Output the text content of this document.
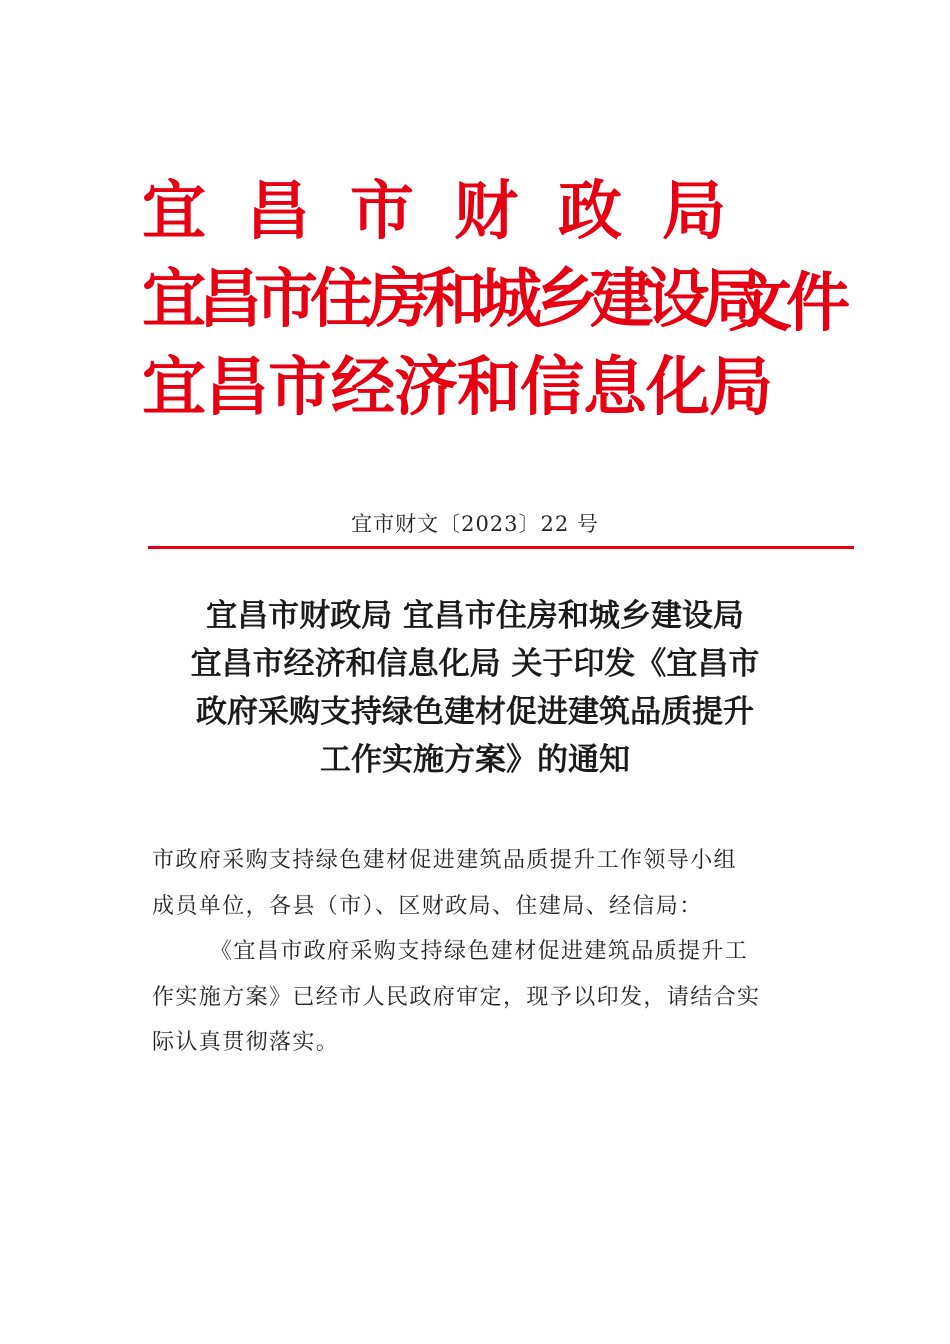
宜昌市财政局
宜昌市住房和城乡建设局
宜昌市经济和信息化局
文件
宜市财文〔2023〕22 号
宜昌市财政局 宜昌市住房和城乡建设局
宜昌市经济和信息化局 关于印发《宜昌市
政府采购支持绿色建材促进建筑品质提升
工作实施方案》的通知
市政府采购支持绿色建材促进建筑品质提升工作领导小组
成员单位，各县（市）、区财政局、住建局、经信局：
《宜昌市政府采购支持绿色建材促进建筑品质提升工
作实施方案》已经市人民政府审定，现予以印发，请结合实
际认真贯彻落实。
